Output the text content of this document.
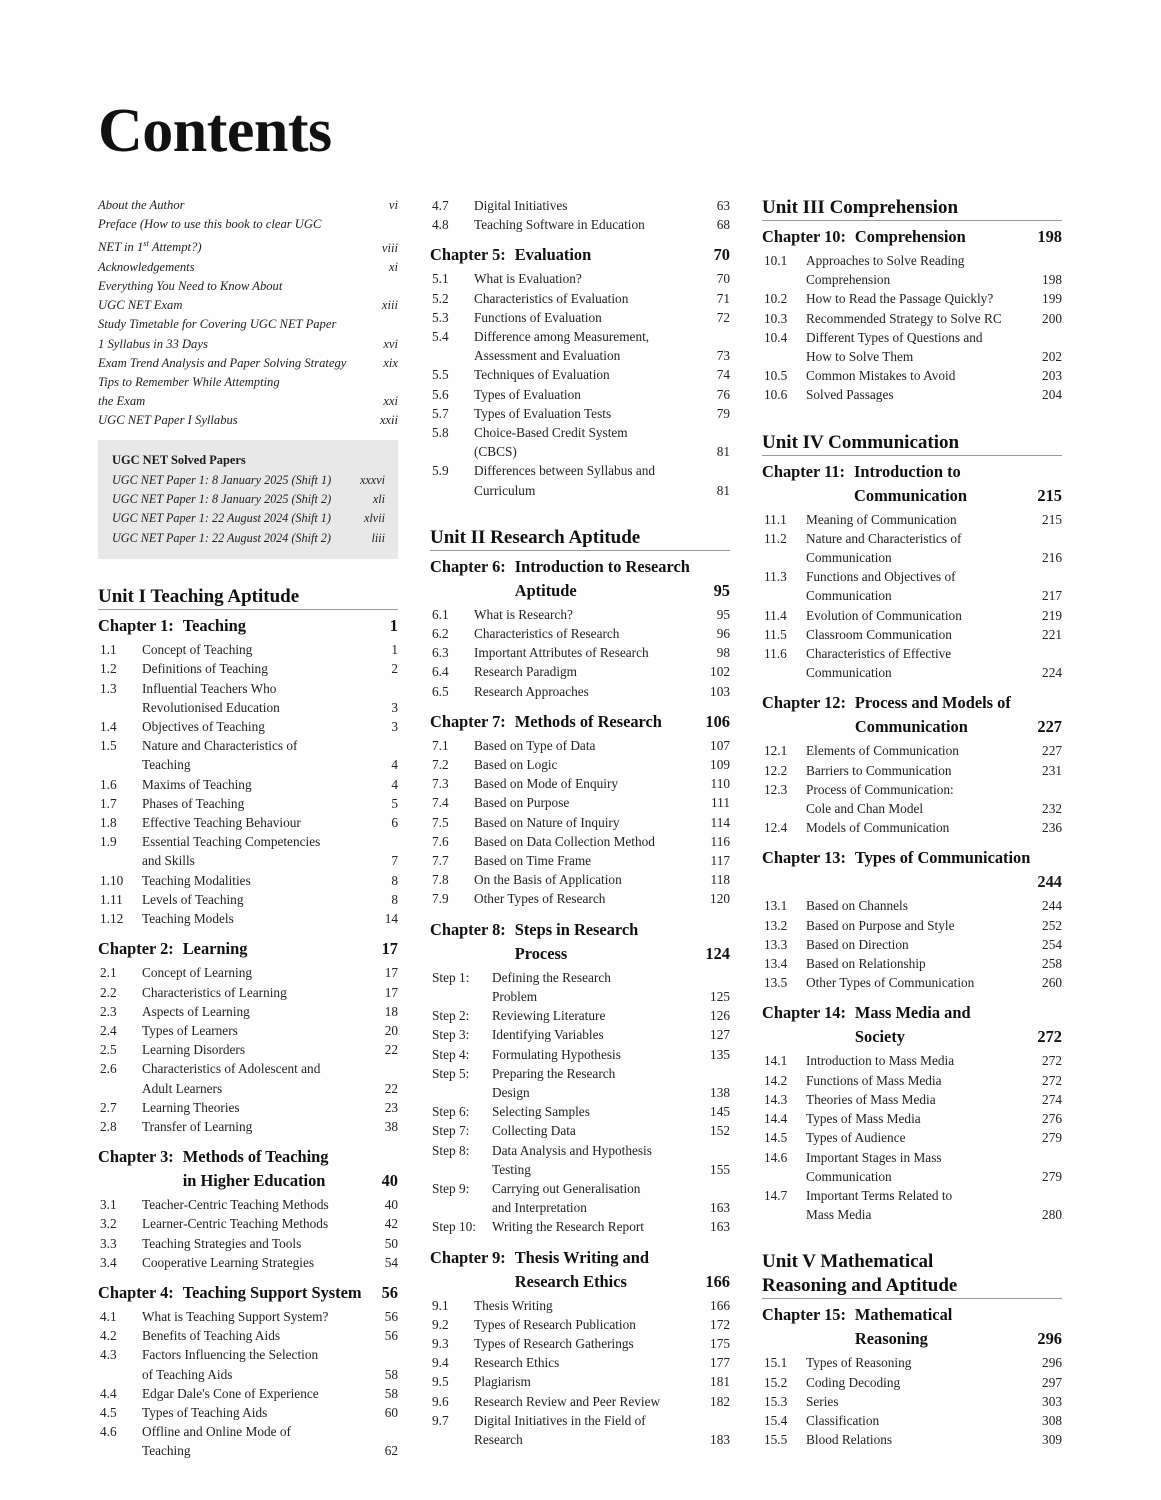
Contents
About the Author	vi
Preface (How to use this book to clear UGC
NET in 1st Attempt?)	viii
Acknowledgements	xi
Everything You Need to Know About
UGC NET Exam	xiii
Study Timetable for Covering UGC NET Paper
1 Syllabus in 33 Days	xvi
Exam Trend Analysis and Paper Solving Strategy	xix
Tips to Remember While Attempting
the Exam	xxi
UGC NET Paper I Syllabus	xxii
UGC NET Solved Papers
UGC NET Paper 1: 8 January 2025 (Shift 1)	xxxvi
UGC NET Paper 1: 8 January 2025 (Shift 2)	xli
UGC NET Paper 1: 22 August 2024 (Shift 1)	xlvii
UGC NET Paper 1: 22 August 2024 (Shift 2)	liii
Unit I Teaching Aptitude
Chapter 1: Teaching	1
1.1	Concept of Teaching	1
1.2	Definitions of Teaching	2
1.3	Influential Teachers Who
Revolutionised Education	3
1.4	Objectives of Teaching	3
1.5	Nature and Characteristics of
Teaching	4
1.6	Maxims of Teaching	4
1.7	Phases of Teaching	5
1.8	Effective Teaching Behaviour	6
1.9	Essential Teaching Competencies
and Skills	7
1.10	Teaching Modalities	8
1.11	Levels of Teaching	8
1.12	Teaching Models	14
Chapter 2: Learning	17
2.1	Concept of Learning	17
2.2	Characteristics of Learning	17
2.3	Aspects of Learning	18
2.4	Types of Learners	20
2.5	Learning Disorders	22
2.6	Characteristics of Adolescent and
Adult Learners	22
2.7	Learning Theories	23
2.8	Transfer of Learning	38
Chapter 3: Methods of Teaching
in Higher Education	40
3.1	Teacher-Centric Teaching Methods	40
3.2	Learner-Centric Teaching Methods	42
3.3	Teaching Strategies and Tools	50
3.4	Cooperative Learning Strategies	54
Chapter 4: Teaching Support System	56
4.1	What is Teaching Support System?	56
4.2	Benefits of Teaching Aids	56
4.3	Factors Influencing the Selection
of Teaching Aids	58
4.4	Edgar Dale's Cone of Experience	58
4.5	Types of Teaching Aids	60
4.6	Offline and Online Mode of
Teaching	62
4.7	Digital Initiatives	63
4.8	Teaching Software in Education	68
Chapter 5: Evaluation	70
5.1	What is Evaluation?	70
5.2	Characteristics of Evaluation	71
5.3	Functions of Evaluation	72
5.4	Difference among Measurement,
Assessment and Evaluation	73
5.5	Techniques of Evaluation	74
5.6	Types of Evaluation	76
5.7	Types of Evaluation Tests	79
5.8	Choice-Based Credit System
(CBCS)	81
5.9	Differences between Syllabus and
Curriculum	81
Unit II Research Aptitude
Chapter 6: Introduction to Research
Aptitude	95
6.1	What is Research?	95
6.2	Characteristics of Research	96
6.3	Important Attributes of Research	98
6.4	Research Paradigm	102
6.5	Research Approaches	103
Chapter 7: Methods of Research	106
7.1	Based on Type of Data	107
7.2	Based on Logic	109
7.3	Based on Mode of Enquiry	110
7.4	Based on Purpose	111
7.5	Based on Nature of Inquiry	114
7.6	Based on Data Collection Method	116
7.7	Based on Time Frame	117
7.8	On the Basis of Application	118
7.9	Other Types of Research	120
Chapter 8: Steps in Research
Process	124
Step 1:	Defining the Research
Problem	125
Step 2:	Reviewing Literature	126
Step 3:	Identifying Variables	127
Step 4:	Formulating Hypothesis	135
Step 5:	Preparing the Research
Design	138
Step 6:	Selecting Samples	145
Step 7:	Collecting Data	152
Step 8:	Data Analysis and Hypothesis
Testing	155
Step 9:	Carrying out Generalisation
and Interpretation	163
Step 10:	Writing the Research Report	163
Chapter 9: Thesis Writing and
Research Ethics	166
9.1	Thesis Writing	166
9.2	Types of Research Publication	172
9.3	Types of Research Gatherings	175
9.4	Research Ethics	177
9.5	Plagiarism	181
9.6	Research Review and Peer Review	182
9.7	Digital Initiatives in the Field of
Research	183
Unit III Comprehension
Chapter 10: Comprehension	198
10.1	Approaches to Solve Reading
Comprehension	198
10.2	How to Read the Passage Quickly?	199
10.3	Recommended Strategy to Solve RC	200
10.4	Different Types of Questions and
How to Solve Them	202
10.5	Common Mistakes to Avoid	203
10.6	Solved Passages	204
Unit IV Communication
Chapter 11: Introduction to
Communication	215
11.1	Meaning of Communication	215
11.2	Nature and Characteristics of
Communication	216
11.3	Functions and Objectives of
Communication	217
11.4	Evolution of Communication	219
11.5	Classroom Communication	221
11.6	Characteristics of Effective
Communication	224
Chapter 12: Process and Models of
Communication	227
12.1	Elements of Communication	227
12.2	Barriers to Communication	231
12.3	Process of Communication:
Cole and Chan Model	232
12.4	Models of Communication	236
Chapter 13: Types of Communication
244
13.1	Based on Channels	244
13.2	Based on Purpose and Style	252
13.3	Based on Direction	254
13.4	Based on Relationship	258
13.5	Other Types of Communication	260
Chapter 14: Mass Media and
Society	272
14.1	Introduction to Mass Media	272
14.2	Functions of Mass Media	272
14.3	Theories of Mass Media	274
14.4	Types of Mass Media	276
14.5	Types of Audience	279
14.6	Important Stages in Mass
Communication	279
14.7	Important Terms Related to
Mass Media	280
Unit V Mathematical
Reasoning and Aptitude
Chapter 15: Mathematical
Reasoning	296
15.1	Types of Reasoning	296
15.2	Coding Decoding	297
15.3	Series	303
15.4	Classification	308
15.5	Blood Relations	309
